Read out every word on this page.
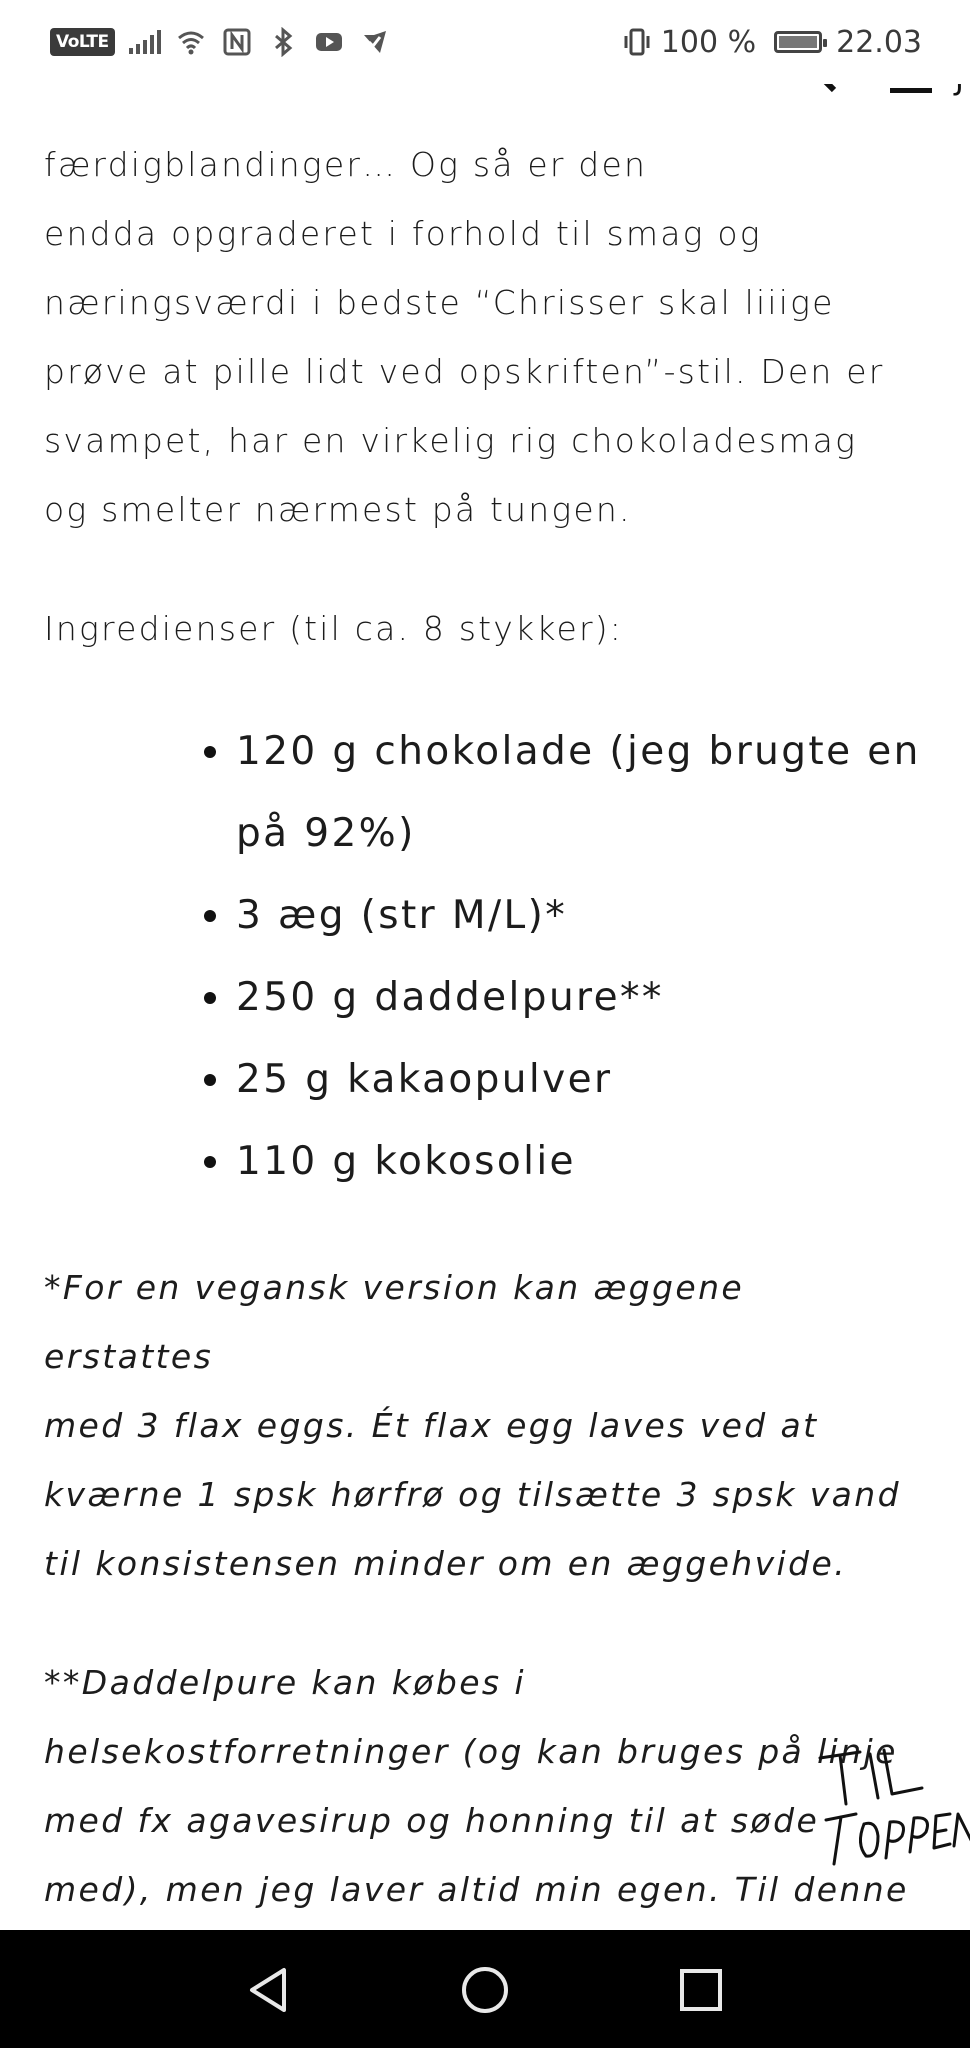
VoLTE	100 %	22.03

færdigblandinger… Og så er den
endda opgraderet i forhold til smag og
næringsværdi i bedste “Chrisser skal liiige
prøve at pille lidt ved opskriften”-stil. Den er
svampet, har en virkelig rig chokoladesmag
og smelter nærmest på tungen.

Ingredienser (til ca. 8 stykker):

120 g chokolade (jeg brugte en på 92%)
3 æg (str M/L)*
250 g daddelpure**
25 g kakaopulver
110 g kokosolie

*For en vegansk version kan æggene erstattes
med 3 flax eggs. Ét flax egg laves ved at
kværne 1 spsk hørfrø og tilsætte 3 spsk vand
til konsistensen minder om en æggehvide.

**Daddelpure kan købes i
helsekostforretninger (og kan bruges på linje
med fx agavesirup og honning til at søde
med), men jeg laver altid min egen. Til denne
